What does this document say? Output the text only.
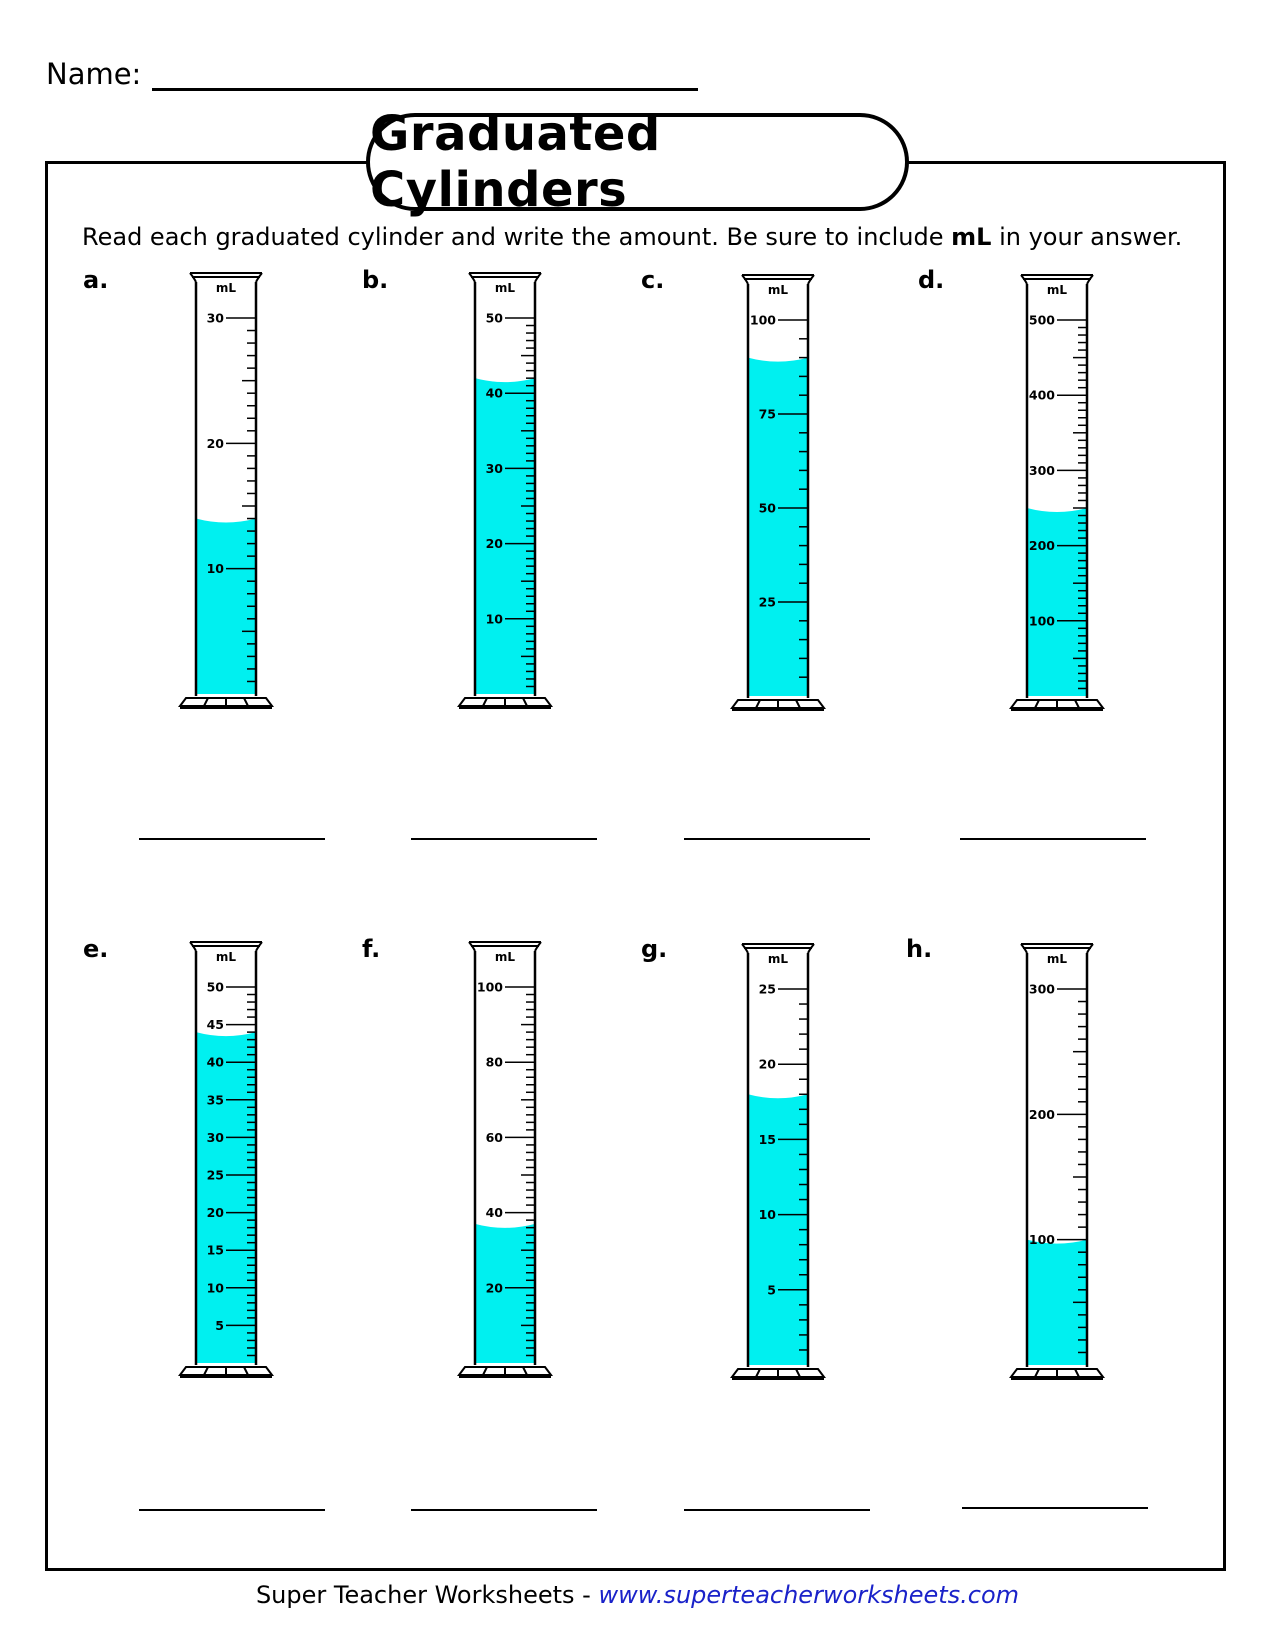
Name:
Graduated Cylinders
Read each graduated cylinder and write the amount. Be sure to include mL in your answer.
a.	mL
10
20
30
b.	mL
10
20
30
40
50
c.	mL
25
50
75
100
d.	mL
100
200
300
400
500
e.	mL
5
10
15
20
25
30
35
40
45
50
f.	mL
20
40
60
80
100
g.	mL
5
10
15
20
25
h.	mL
100
200
300
Super Teacher Worksheets - www.superteacherworksheets.com
